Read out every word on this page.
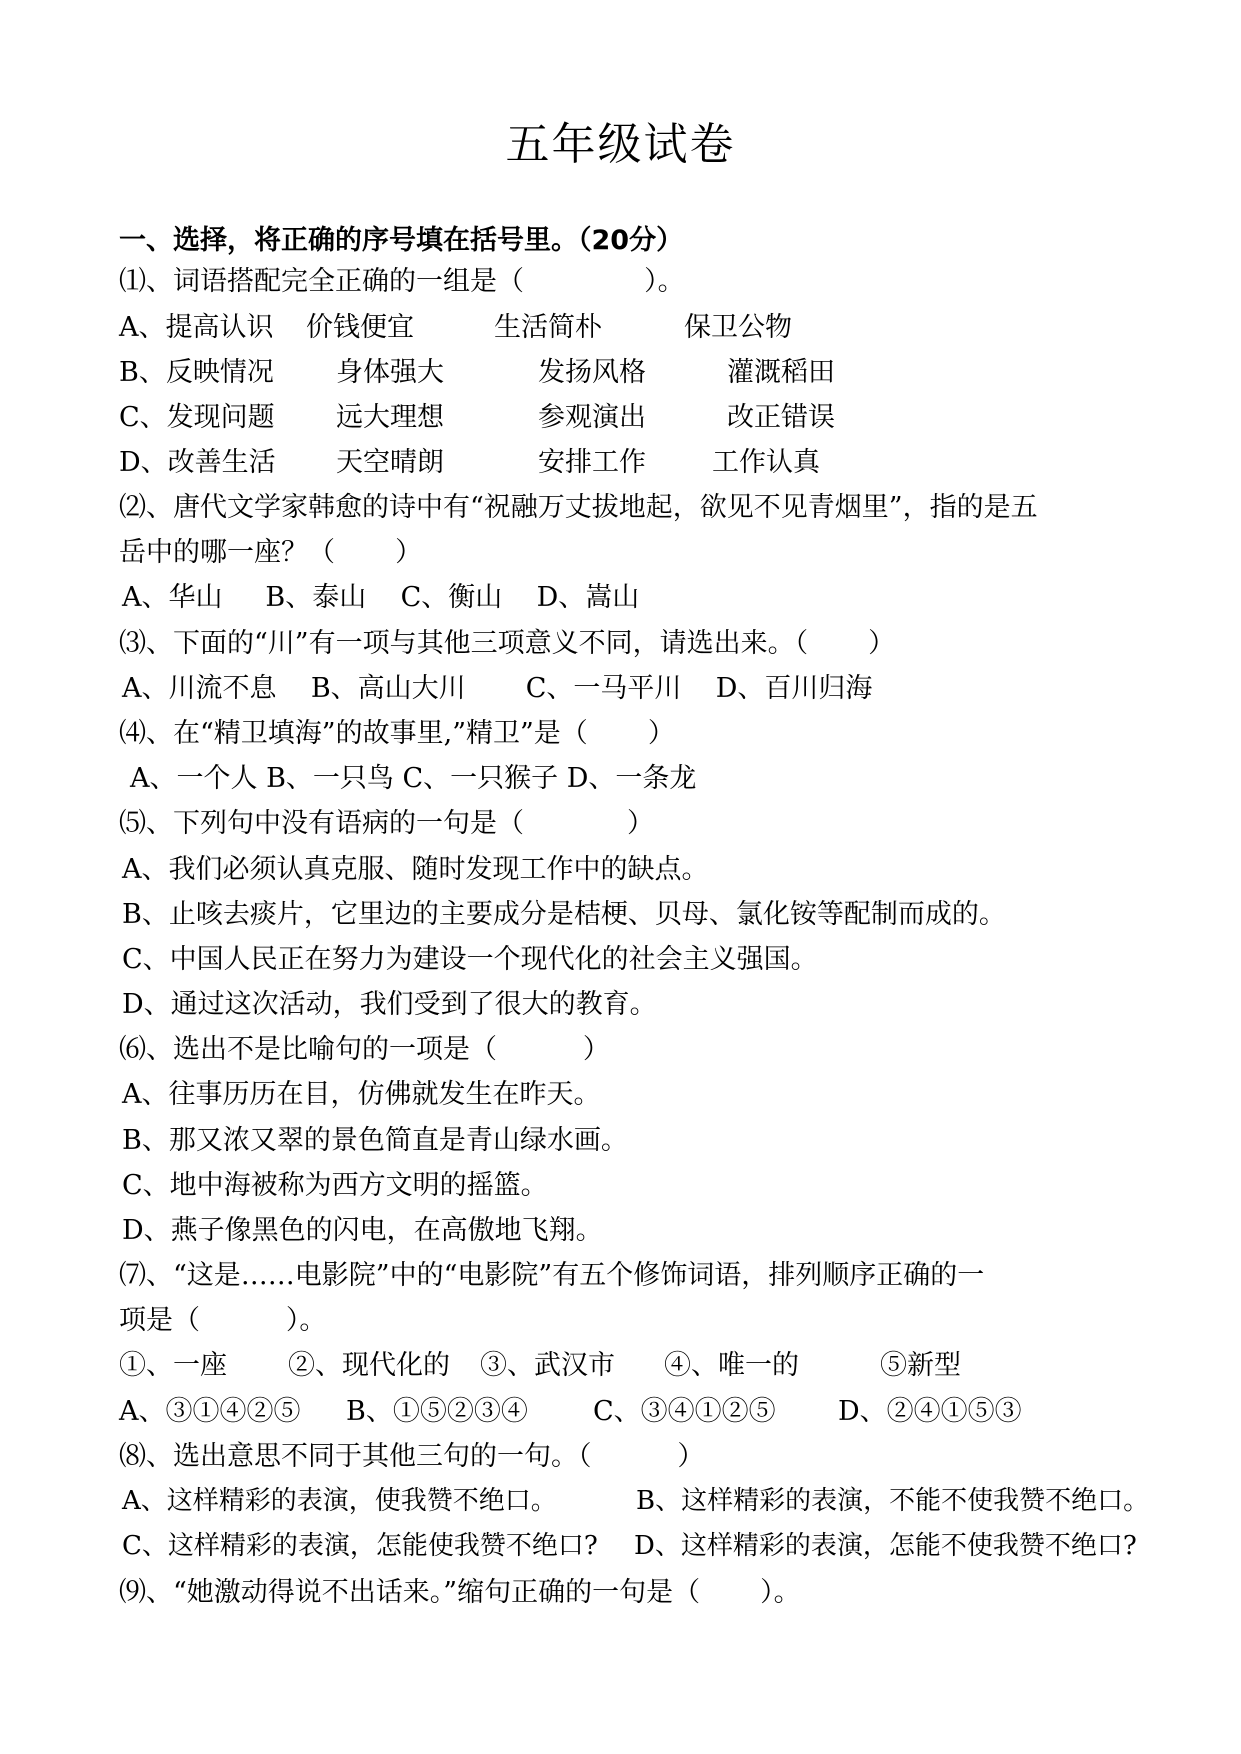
五年级试卷
一、选择，将正确的序号填在括号里。（20分）
⑴、词语搭配完全正确的一组是（              ）。
A、提高认识 价钱便宜	生活简朴	保卫公物
B、反映情况 身体强大	发扬风格	灌溉稻田
C、发现问题 远大理想	参观演出	改正错误
D、改善生活 天空晴朗	安排工作 工作认真
⑵、唐代文学家韩愈的诗中有“祝融万丈拔地起，欲见不见青烟里”，指的是五
岳中的哪一座？（       ）
A、华山     B、泰山    C、衡山    D、嵩山
⑶、下面的“川”有一项与其他三项意义不同，请选出来。（       ）
A、川流不息    B、高山大川       C、一马平川    D、百川归海
⑷、在“精卫填海”的故事里,”精卫”是（       ）
A、一个人 B、一只鸟 C、一只猴子 D、一条龙
⑸、下列句中没有语病的一句是（            ）
A、我们必须认真克服、随时发现工作中的缺点。
B、止咳去痰片，它里边的主要成分是桔梗、贝母、氯化铵等配制而成的。
C、中国人民正在努力为建设一个现代化的社会主义强国。
D、通过这次活动，我们受到了很大的教育。
⑹、选出不是比喻句的一项是（          ）
A、往事历历在目，仿佛就发生在昨天。
B、那又浓又翠的景色简直是青山绿水画。
C、地中海被称为西方文明的摇篮。
D、燕子像黑色的闪电，在高傲地飞翔。
⑺、“这是……电影院”中的“电影院”有五个修饰词语，排列顺序正确的一
项是（          ）。
①、一座 ②、现代化的 ③、武汉市 ④、唯一的	⑤新型
A、③①④②⑤ B、①⑤②③④ C、③④①②⑤ D、②④①⑤③
⑻、选出意思不同于其他三句的一句。（          ）
A、这样精彩的表演，使我赞不绝口。	B、这样精彩的表演，不能不使我赞不绝口。
C、这样精彩的表演，怎能使我赞不绝口? D、这样精彩的表演，怎能不使我赞不绝口?
⑼、“她激动得说不出话来。”缩句正确的一句是（       ）。
